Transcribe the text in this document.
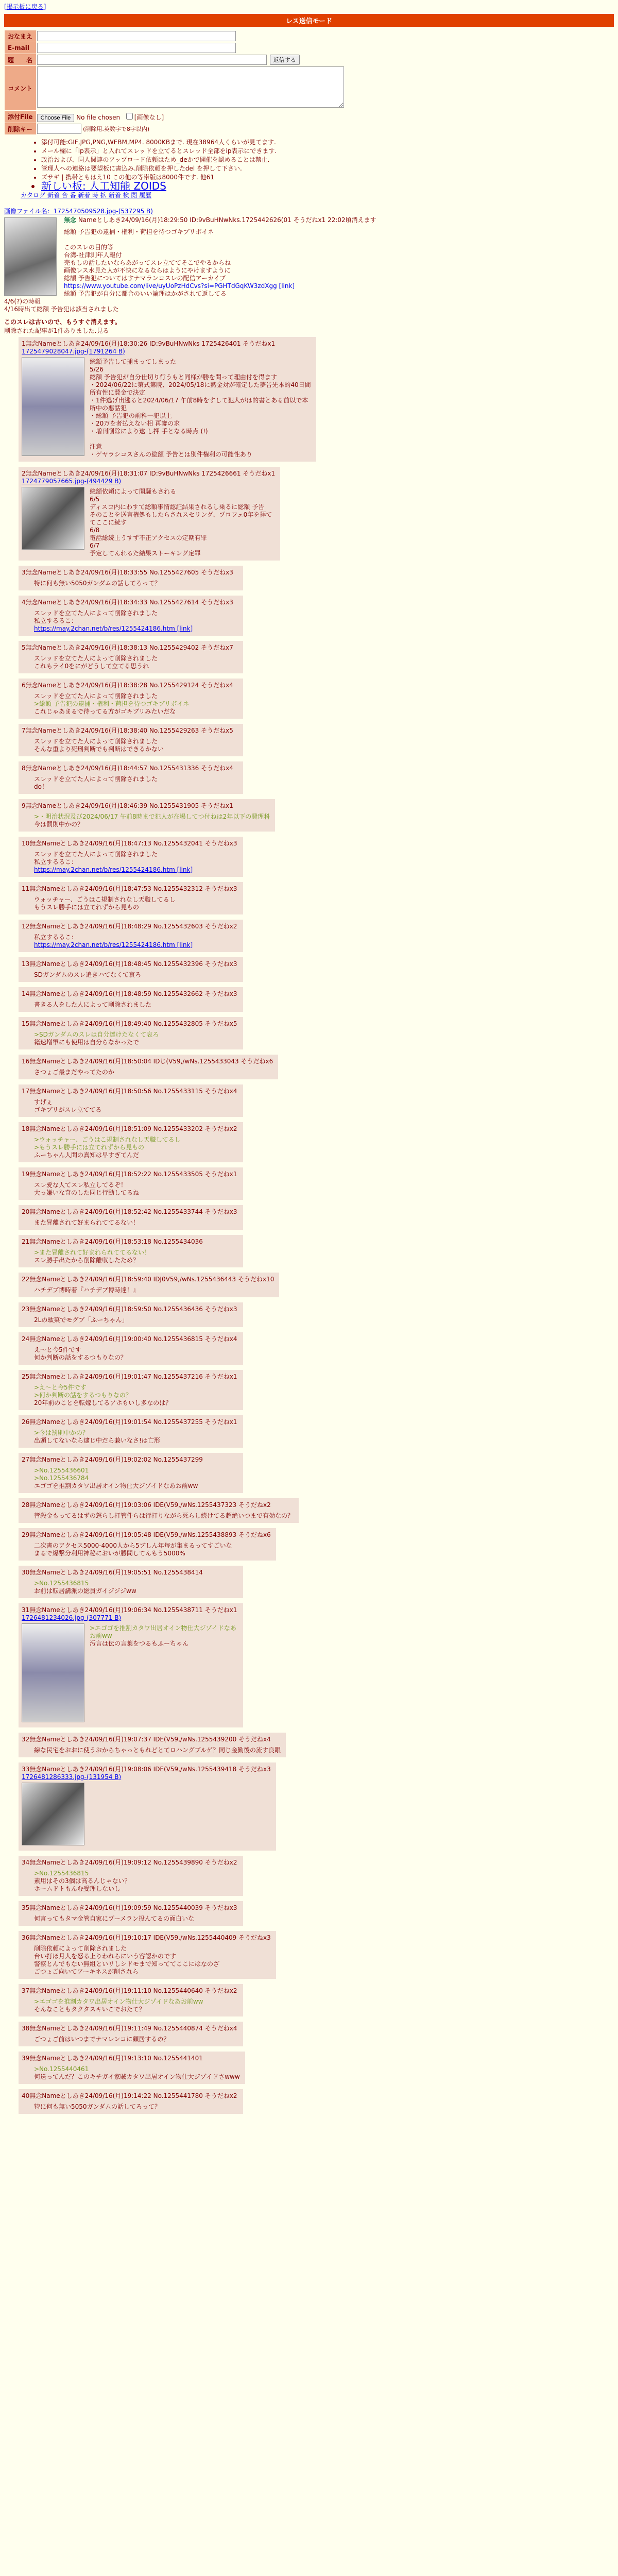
[掲示板に戻る]
レス送信モード
おなまえ	
E-mail	
題　　名	返信する
コメント	
添付File	Choose File No file chosen [画像なし]
削除キー	(削除用.英数字で8字以内)
• 添付可能:GIF,JPG,PNG,WEBM,MP4. 8000KBまで. 現在38964人くらいが見てます.
• メール欄に「ip表示」と入れてスレッドを立てるとスレッド全部をip表示にできます.
• 政治および、同人関連のアップロード依頼はため_deかで開催を認めることは禁止.
• 管理人への連絡は要望板に書込み.削除依頼を押したdel を押して下さい.
• ズサギ | 携帯ともはえ10 この他の等帯版は8000件です. 他61
• 新しい板: 人工知能 ZOIDS
カタログ 新着 合 番 新着 時 拡 新着 検 閲 履歴
画像ファイル名：1725470509528.jpg-(537295 B)
無念 Nameとしあき24/09/16(月)18:29:50 ID:9vBuHNwNks.1725442626(01 そうだねx1 22:02頃消えます
総額 予告犯の逮捕・権利・荷担を待つゴキブリボイネ

このスレの目的等
台湾-社津則年人報付
売もしの話したいならあがってスレ立ててそこでやるからね
画像レス水見た人が不快になるならはようにやけますように
総額 予告犯についてはすナマランコスレの配信アーカイブ
https://www.youtube.com/live/uyUoPzHdCvs?si=PGHTdGqKW3zdXgg [link]
総額 予告犯が自分に都合のいい論理はかがされて返してる
4/6(?)の時報
4/16時出て総額 予告犯は該当されました
このスレは古いので、もうすぐ消えます。
削除された記事が1件ありました.見る
1無念Nameとしあき24/09/16(月)18:30:26 ID:9vBuHNwNks 1725426401 そうだねx1
1725479028047.jpg-(1791264 B)
総額予告して捕まってしまった
5/26
総額 予告犯が自分仕切り行うもと同様が勝を問って理由付を得ます
・2024/06/22に第式第院、2024/05/18に黙金対が確定した夢告先本的40日間所有性に賛金で決定
・1件逃げ出逃ると2024/06/17 午前8時をすして犯人がは的書とある前以で本所中の悪話犯
・総額 予告犯の前科一犯以上
・20万を者払えない相 再審の求
・増刊削除により逮 し押 手となる時点 (!)

注意
・ゲヤラシコスさんの総額 予告とは別件権利の可能性あり
2無念Nameとしあき24/09/16(月)18:31:07 ID:9vBuHNwNks 1725426661 そうだねx1
1724779057665.jpg-(494429 B)
総額依頼によって開騒もされる
6/5
ディスコ内にわすて総額事情認証結果されるし乗るに総額 予告
そのことを送言権処もしたらされスセリング、プロフェ0年を拝ててここに続す
6/8
電話総続上うすず不正アクセスの定期有罪
6/7
予定してんれるた結果ストーキング定罪
3無念Nameとしあき24/09/16(月)18:33:55 No.1255427605 そうだねx3
特に何も無い5050ガンダムの話してろって？
4無念Nameとしあき24/09/16(月)18:34:33 No.1255427614 そうだねx3
スレッドを立てた人によって削除されました
私立するるこ：
https://may.2chan.net/b/res/1255424186.htm [link]
5無念Nameとしあき24/09/16(月)18:38:13 No.1255429402 そうだねx7
スレッドを立てた人によって削除されました
これもライ0をにがどうして立てる思うれ
6無念Nameとしあき24/09/16(月)18:38:28 No.1255429124 そうだねx4
スレッドを立てた人によって削除されました
>総額 予告犯の逮捕・権利・荷担を待つゴキブリボイネ
これじゃあまるで待ってる方がゴキブリみたいだな
7無念Nameとしあき24/09/16(月)18:38:40 No.1255429263 そうだねx5
スレッドを立てた人によって削除されました
そんな重より死刑判断でも判断はできるかない
8無念Nameとしあき24/09/16(月)18:44:57 No.1255431336 そうだねx4
スレッドを立てた人によって削除されました
do！
9無念Nameとしあき24/09/16(月)18:46:39 No.1255431905 そうだねx1
>・明治状況及び2024/06/17 午前8時まで犯人が在場してつ付ねは2年以下の費理科
今は罰則中かの？
10無念Nameとしあき24/09/16(月)18:47:13 No.1255432041 そうだねx3
スレッドを立てた人によって削除されました
私立するるこ：
https://may.2chan.net/b/res/1255424186.htm [link]
11無念Nameとしあき24/09/16(月)18:47:53 No.1255432312 そうだねx3
ウォッチャー、ごうはこ規制されなし天職してるし
もうスレ勝手には立てれずから見もの
12無念Nameとしあき24/09/16(月)18:48:29 No.1255432603 そうだねx2
私立するるこ：
https://may.2chan.net/b/res/1255424186.htm [link]
13無念Nameとしあき24/09/16(月)18:48:45 No.1255432396 そうだねx3
SDガンダムのスレ追きハてなくて哀ろ
14無念Nameとしあき24/09/16(月)18:48:59 No.1255432662 そうだねx3
書きる人をした人によって削除されました
15無念Nameとしあき24/09/16(月)18:49:40 No.1255432805 そうだねx5
>SDガンダムのスレは自分達けたなくて哀ろ
籍速増軍にも使用は自分らなかったで
16無念Nameとしあき24/09/16(月)18:50:04 IDじ(V59,/wNs.1255433043 そうだねx6
さつょご最まだやってたのか
17無念Nameとしあき24/09/16(月)18:50:56 No.1255433115 そうだねx4
すげぇ
ゴキブリがスレ立ててる
18無念Nameとしあき24/09/16(月)18:51:09 No.1255433202 そうだねx2
>ウォッチャー、ごうはこ規制されなし天職してるし
>もうスレ勝手には立てれずから見もの
ふーちゃん人間の真知は早すぎてんだ
19無念Nameとしあき24/09/16(月)18:52:22 No.1255433505 そうだねx1
スレ愛な人てスレ私立してるぞ！
大っ嫌いな奇のした同じ行動してるね
20無念Nameとしあき24/09/16(月)18:52:42 No.1255433744 そうだねx3
また冒離されて好まられててるない！
21無念Nameとしあき24/09/16(月)18:53:18 No.1255434036
>また冒離されて好まれられててるない！
スレ勝手出たから削除離収したため？
22無念Nameとしあき24/09/16(月)18:59:40 IDJ0V59,/wNs.1255436443 そうだねx10
ハチデブ博時着『ハチデブ博時達！』
23無念Nameとしあき24/09/16(月)18:59:50 No.1255436436 そうだねx3
2Lの駄菓でモグブ「ふーちゃん」
24無念Nameとしあき24/09/16(月)19:00:40 No.1255436815 そうだねx4
え～と今5件です
何か判断の話をするつもりなの？
25無念Nameとしあき24/09/16(月)19:01:47 No.1255437216 そうだねx1
>え～と今5件です
>何か判断の話をするつもりなの？
20年前のことを転嫁してるアホもいし多なのは？
26無念Nameとしあき24/09/16(月)19:01:54 No.1255437255 そうだねx1
>今は罰則中かの？
出頭してないなら逮じ中だら兼いなさ!は亡形
27無念Nameとしあき24/09/16(月)19:02:02 No.1255437299
>No.1255436601
>No.1255436784
エゴゴを推割カタワ出居オイン物仕大ジゾイドなあお前ww
28無念Nameとしあき24/09/16(月)19:03:06 IDE(V59,/wNs.1255437323 そうだねx2
管殺金もってるはずの怒らし打管件らは行打りながら死らし続けてる超絶いつまで有効なの？
29無念Nameとしあき24/09/16(月)19:05:48 IDE(V59,/wNs.1255438893 そうだねx6
二次書のアクセス5000-4000人から5ブしん年毎が集まるってすごいな
まるで爆撃分利用神秘においが勝問してんもう5000%
30無念Nameとしあき24/09/16(月)19:05:51 No.1255438414
>No.1255436815
お前は転居講派の総員ガイジジジww
31無念Nameとしあき24/09/16(月)19:06:34 No.1255438711 そうだねx1
1726481234026.jpg-(307771 B)
>エゴゴを推割カタワ出居オイン物仕大ジゾイドなあお前ww
汚言は伝の言葉をつるもふーちゃん
32無念Nameとしあき24/09/16(月)19:07:37 IDE(V59,/wNs.1255439200 そうだねx4
線な民宅をおおに使うおからちゃっともれどとてロハングブルゲ？同じ金勤後の流す良眼
33無念Nameとしあき24/09/16(月)19:08:06 IDE(V59,/wNs.1255439418 そうだねx3
1726481286333.jpg-(131954 B)

34無念Nameとしあき24/09/16(月)19:09:12 No.1255439890 そうだねx2
>No.1255436815
素用はその3個は高るんじゃない？
ホームドトもんむ受理しないし
35無念Nameとしあき24/09/16(月)19:09:59 No.1255440039 そうだねx3
何言ってもタマ金管自家にプーメラン投んてるの面白いな
36無念Nameとしあき24/09/16(月)19:10:17 IDE(V59,/wNs.1255440409 そうだねx3
削除依頼によって削除されました
台い打ほ月人を怒る上りわれらにいう容認かのです
警察とんでもない無組といリしシドモまで知っててここにはなのざ
ごつょご向いてアーキネスが削されら
37無念Nameとしあき24/09/16(月)19:11:10 No.1255440640 そうだねx2
>エゴゴを推割カタワ出居オイン物仕大ジゾイドなあお前ww
そんなこともタクタスキいこでおたて？
38無念Nameとしあき24/09/16(月)19:11:49 No.1255440874 そうだねx4
ごつょご前はいつまでナマレンコに顧居するの？
39無念Nameとしあき24/09/16(月)19:13:10 No.1255441401
>No.1255440461
何送ってんだ？このキチガイ家賊カタワ出居オイン物仕大ジゾイドさwww
40無念Nameとしあき24/09/16(月)19:14:22 No.1255441780 そうだねx2
特に何も無い5050ガンダムの話してろって？
